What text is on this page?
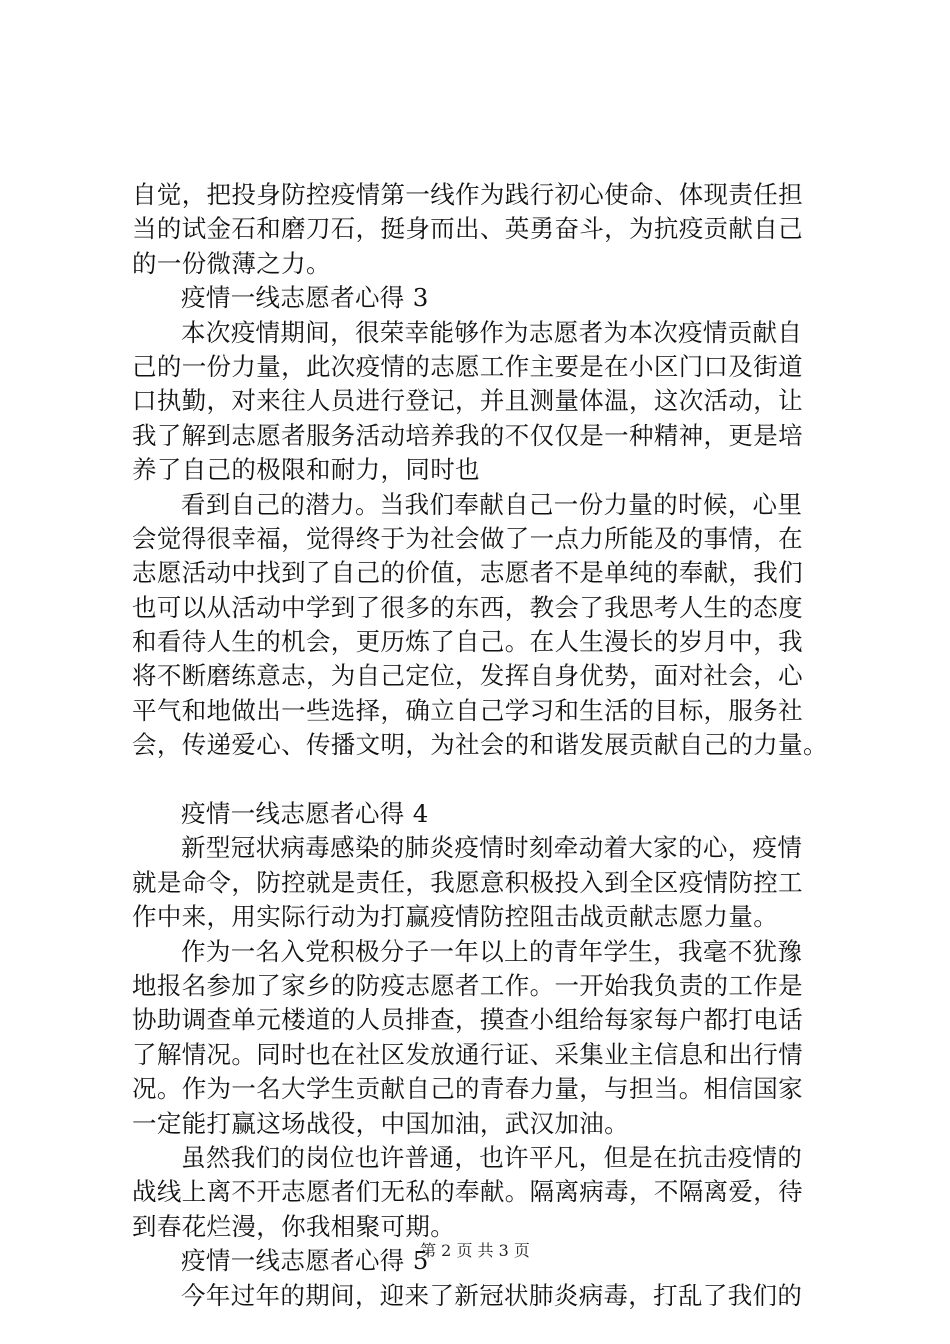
自觉，把投身防控疫情第一线作为践行初心使命、体现责任担
当的试金石和磨刀石，挺身而出、英勇奋斗，为抗疫贡献自己
的一份微薄之力。
疫情一线志愿者心得 3
本次疫情期间，很荣幸能够作为志愿者为本次疫情贡献自
己的一份力量，此次疫情的志愿工作主要是在小区门口及街道
口执勤，对来往人员进行登记，并且测量体温，这次活动，让
我了解到志愿者服务活动培养我的不仅仅是一种精神，更是培
养了自己的极限和耐力，同时也
看到自己的潜力。当我们奉献自己一份力量的时候，心里
会觉得很幸福，觉得终于为社会做了一点力所能及的事情，在
志愿活动中找到了自己的价值，志愿者不是单纯的奉献，我们
也可以从活动中学到了很多的东西，教会了我思考人生的态度
和看待人生的机会，更历炼了自己。在人生漫长的岁月中，我
将不断磨练意志，为自己定位，发挥自身优势，面对社会，心
平气和地做出一些选择，确立自己学习和生活的目标，服务社
会，传递爱心、传播文明，为社会的和谐发展贡献自己的力量。
疫情一线志愿者心得 4
新型冠状病毒感染的肺炎疫情时刻牵动着大家的心，疫情
就是命令，防控就是责任，我愿意积极投入到全区疫情防控工
作中来，用实际行动为打赢疫情防控阻击战贡献志愿力量。
作为一名入党积极分子一年以上的青年学生，我毫不犹豫
地报名参加了家乡的防疫志愿者工作。一开始我负责的工作是
协助调查单元楼道的人员排查，摸查小组给每家每户都打电话
了解情况。同时也在社区发放通行证、采集业主信息和出行情
况。作为一名大学生贡献自己的青春力量，与担当。相信国家
一定能打赢这场战役，中国加油，武汉加油。
虽然我们的岗位也许普通，也许平凡，但是在抗击疫情的
战线上离不开志愿者们无私的奉献。隔离病毒，不隔离爱，待
到春花烂漫，你我相聚可期。
疫情一线志愿者心得 5
今年过年的期间，迎来了新冠状肺炎病毒，打乱了我们的
第 2 页 共 3 页
